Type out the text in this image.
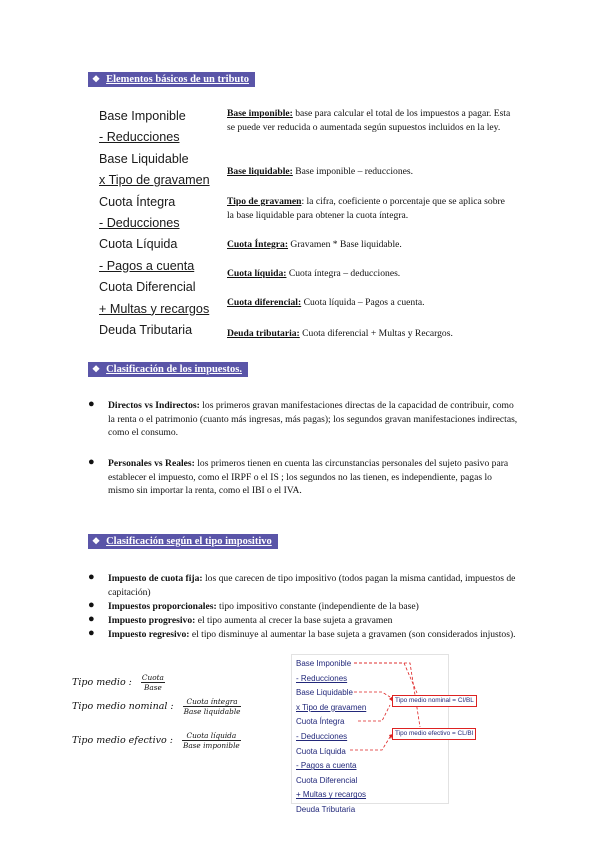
❖ Elementos básicos de un tributo
Base Imponible
- Reducciones
Base Liquidable
x Tipo de gravamen
Cuota Íntegra
- Deducciones
Cuota Líquida
- Pagos a cuenta
Cuota Diferencial
+ Multas y recargos
Deuda Tributaria
Base imponible: base para calcular el total de los impuestos a pagar. Esta se puede ver reducida o aumentada según supuestos incluidos en la ley.
Base liquidable: Base imponible – reducciones.
Tipo de gravamen: la cifra, coeficiente o porcentaje que se aplica sobre la base liquidable para obtener la cuota íntegra.
Cuota Íntegra: Gravamen * Base liquidable.
Cuota líquida: Cuota íntegra – deducciones.
Cuota diferencial: Cuota líquida – Pagos a cuenta.
Deuda tributaria: Cuota diferencial + Multas y Recargos.
❖ Clasificación de los impuestos.
● Directos vs Indirectos: los primeros gravan manifestaciones directas de la capacidad de contribuir, como la renta o el patrimonio (cuanto más ingresas, más pagas); los segundos gravan manifestaciones indirectas, como el consumo.
● Personales vs Reales: los primeros tienen en cuenta las circunstancias personales del sujeto pasivo para establecer el impuesto, como el IRPF o el IS ; los segundos no las tienen, es independiente, pagas lo mismo sin importar la renta, como el IBI o el IVA.
❖ Clasificación según el tipo impositivo
● Impuesto de cuota fija: los que carecen de tipo impositivo (todos pagan la misma cantidad, impuestos de capitación)
● Impuestos proporcionales: tipo impositivo constante (independiente de la base)
● Impuesto progresivo: el tipo aumenta al crecer la base sujeta a gravamen
● Impuesto regresivo: el tipo disminuye al aumentar la base sujeta a gravamen (son considerados injustos).
Tipo medio : $\frac{\text{Cuota}}{\text{Base}}$
Tipo medio nominal : $\frac{\text{Cuota íntegra}}{\text{Base liquidable}}$
Tipo medio efectivo : $\frac{\text{Cuota líquida}}{\text{Base imponible}}$
Base Imponible
- Reducciones
Base Liquidable
x Tipo de gravamen
Cuota Íntegra
- Deducciones
Cuota Líquida
- Pagos a cuenta
Cuota Diferencial
+ Multas y recargos
Deuda Tributaria
Tipo medio nominal = CI/BL
Tipo medio efectivo = CL/BI
